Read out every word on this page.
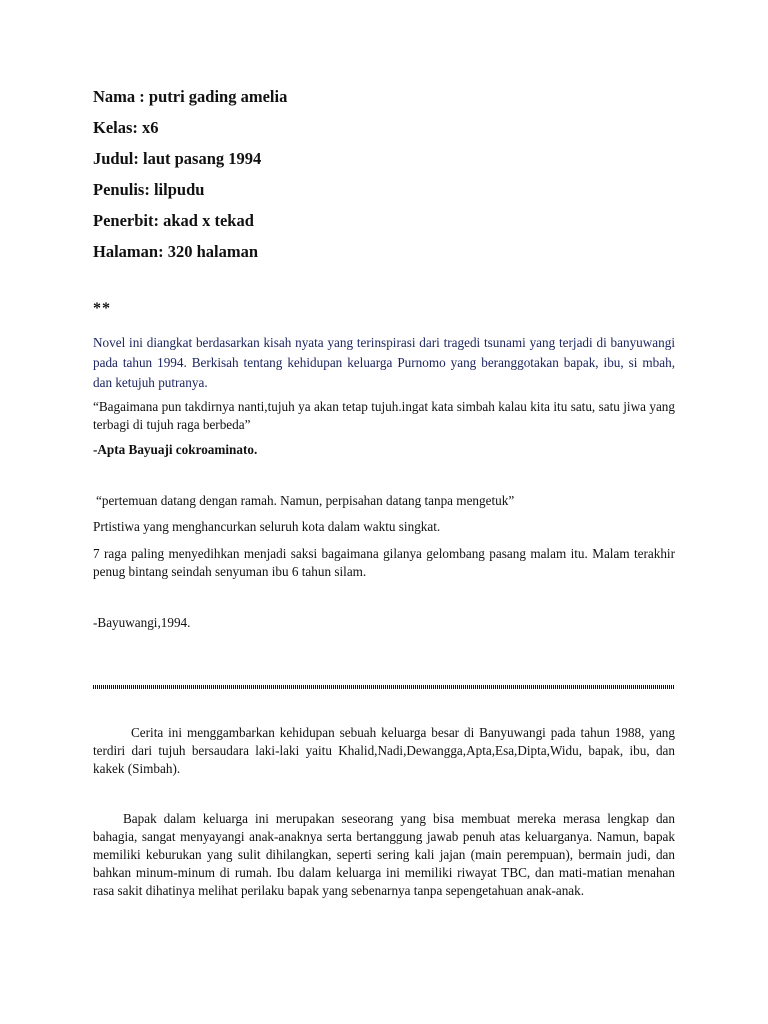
Nama : putri gading amelia
Kelas: x6
Judul: laut pasang 1994
Penulis: lilpudu
Penerbit: akad x tekad
Halaman: 320 halaman
**

Novel ini diangkat berdasarkan kisah nyata yang terinspirasi dari tragedi tsunami yang terjadi di banyuwangi pada tahun 1994. Berkisah tentang kehidupan keluarga Purnomo yang beranggotakan bapak, ibu, si mbah, dan ketujuh putranya.

“Bagaimana pun takdirnya nanti,tujuh ya akan tetap tujuh.ingat kata simbah kalau kita itu satu, satu jiwa yang terbagi di tujuh raga berbeda”

-Apta Bayuaji cokroaminato.

“pertemuan datang dengan ramah. Namun, perpisahan datang tanpa mengetuk”

Prtistiwa yang menghancurkan seluruh kota dalam waktu singkat.

7 raga paling menyedihkan menjadi saksi bagaimana gilanya gelombang pasang malam itu. Malam terakhir penug bintang seindah senyuman ibu 6 tahun silam.

-Bayuwangi,1994.

Cerita ini menggambarkan kehidupan sebuah keluarga besar di Banyuwangi pada tahun 1988, yang terdiri dari tujuh bersaudara laki-laki yaitu Khalid,Nadi,Dewangga,Apta,Esa,Dipta,Widu, bapak, ibu, dan kakek (Simbah).

Bapak dalam keluarga ini merupakan seseorang yang bisa membuat mereka merasa lengkap dan bahagia, sangat menyayangi anak-anaknya serta bertanggung jawab penuh atas keluarganya. Namun, bapak memiliki keburukan yang sulit dihilangkan, seperti sering kali jajan (main perempuan), bermain judi, dan bahkan minum-minum di rumah. Ibu dalam keluarga ini memiliki riwayat TBC, dan mati-matian menahan rasa sakit dihatinya melihat perilaku bapak yang sebenarnya tanpa sepengetahuan anak-anak.
